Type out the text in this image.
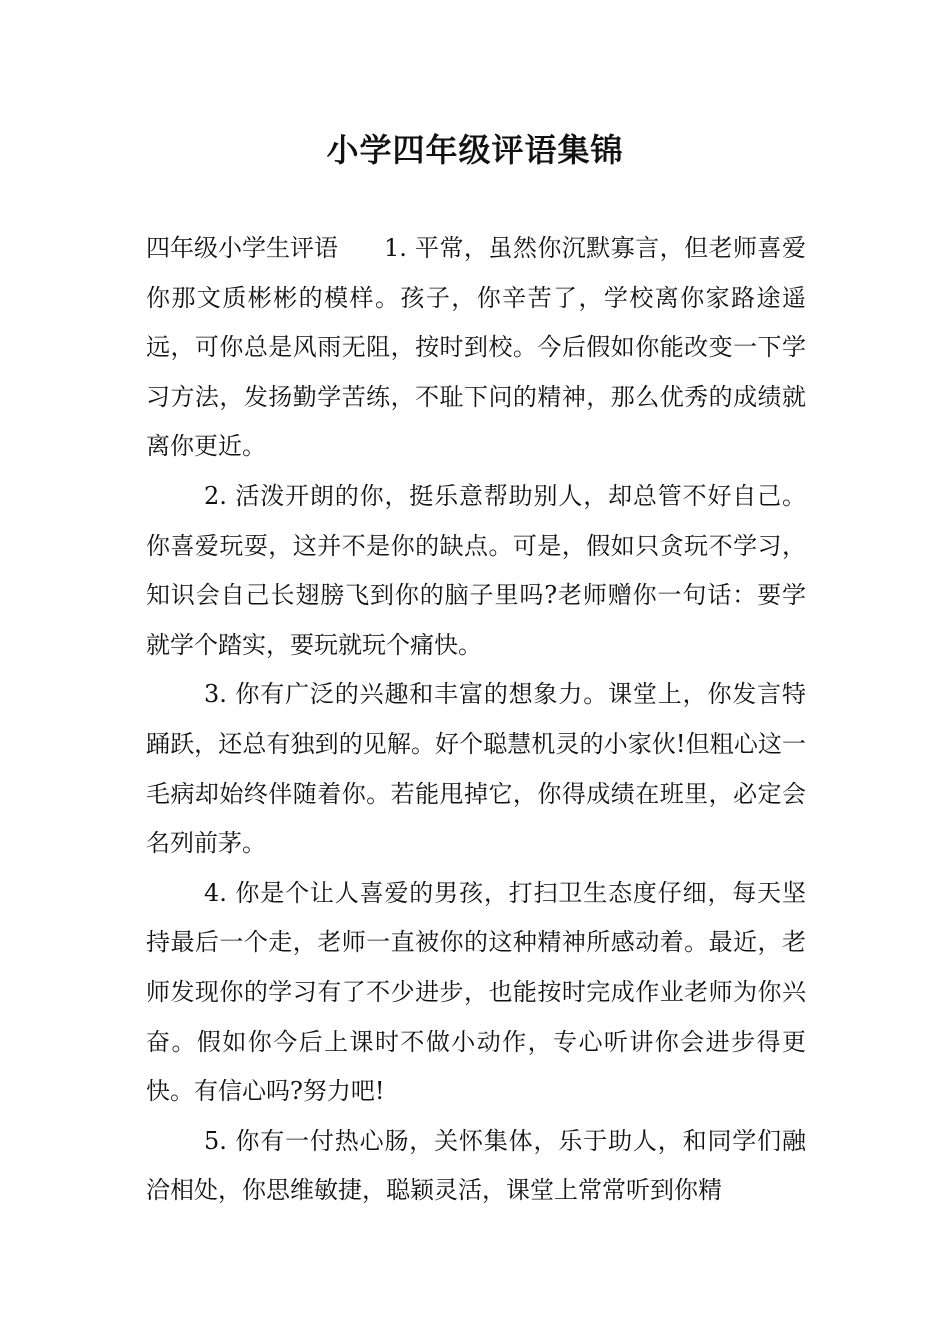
小学四年级评语集锦

四年级小学生评语 1. 平常，虽然你沉默寡言，但老师喜爱你那文质彬彬的模样。孩子，你辛苦了，学校离你家路途遥远，可你总是风雨无阻，按时到校。今后假如你能改变一下学习方法，发扬勤学苦练，不耻下问的精神，那么优秀的成绩就离你更近。

2. 活泼开朗的你，挺乐意帮助别人，却总管不好自己。你喜爱玩耍，这并不是你的缺点。可是，假如只贪玩不学习，知识会自己长翅膀飞到你的脑子里吗?老师赠你一句话：要学就学个踏实，要玩就玩个痛快。

3. 你有广泛的兴趣和丰富的想象力。课堂上，你发言特踊跃，还总有独到的见解。好个聪慧机灵的小家伙!但粗心这一毛病却始终伴随着你。若能甩掉它，你得成绩在班里，必定会名列前茅。

4. 你是个让人喜爱的男孩，打扫卫生态度仔细，每天坚持最后一个走，老师一直被你的这种精神所感动着。最近，老师发现你的学习有了不少进步，也能按时完成作业老师为你兴奋。假如你今后上课时不做小动作，专心听讲你会进步得更快。有信心吗?努力吧!

5. 你有一付热心肠，关怀集体，乐于助人，和同学们融洽相处，你思维敏捷，聪颖灵活，课堂上常常听到你精
